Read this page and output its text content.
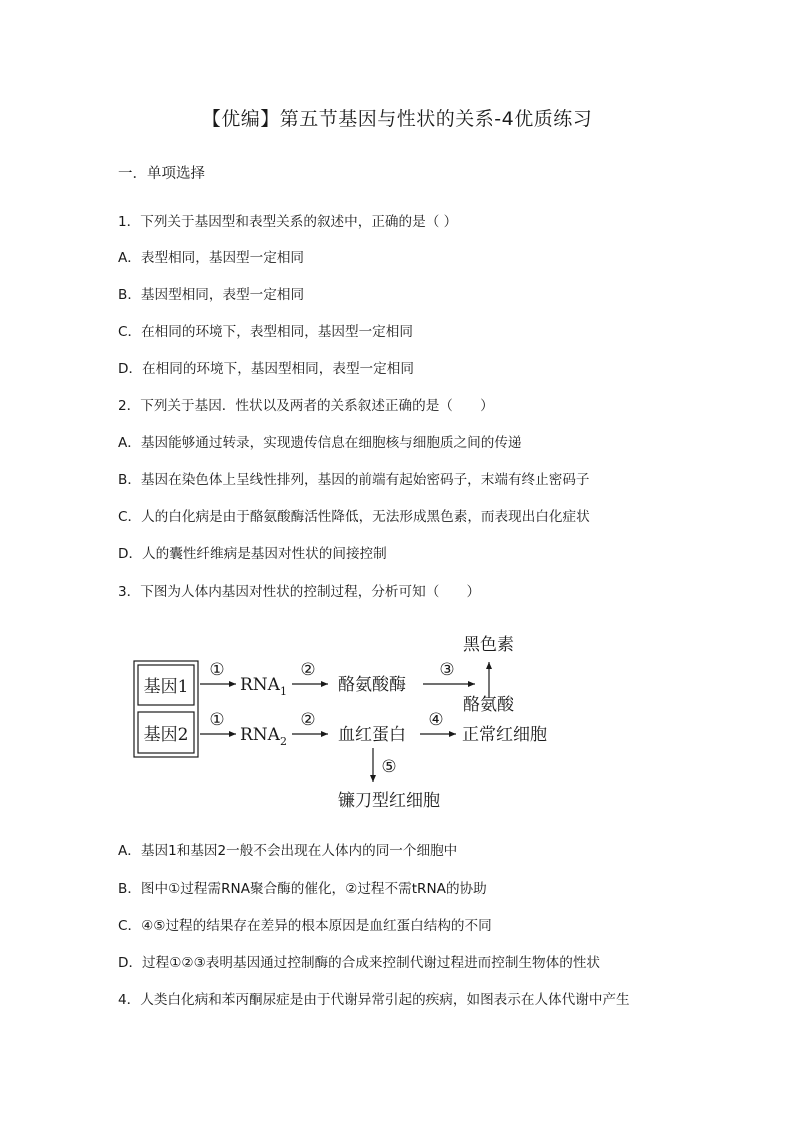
【优编】第五节基因与性状的关系-4优质练习
一．单项选择
1．下列关于基因型和表型关系的叙述中，正确的是（ ）
A．表型相同，基因型一定相同
B．基因型相同，表型一定相同
C．在相同的环境下，表型相同，基因型一定相同
D．在相同的环境下，基因型相同，表型一定相同
2．下列关于基因．性状以及两者的关系叙述正确的是（　　）
A．基因能够通过转录，实现遗传信息在细胞核与细胞质之间的传递
B．基因在染色体上呈线性排列，基因的前端有起始密码子，末端有终止密码子
C．人的白化病是由于酪氨酸酶活性降低，无法形成黑色素，而表现出白化症状
D．人的囊性纤维病是基因对性状的间接控制
3．下图为人体内基因对性状的控制过程，分析可知（　　）
基因1
基因2
①
$RNA_1$
②
酪氨酸酶
③
黑色素
酪氨酸
①
$RNA_2$
②
血红蛋白
④
正常红细胞
⑤
镰刀型红细胞
A．基因1和基因2一般不会出现在人体内的同一个细胞中
B．图中①过程需RNA聚合酶的催化，②过程不需tRNA的协助
C．④⑤过程的结果存在差异的根本原因是血红蛋白结构的不同
D．过程①②③表明基因通过控制酶的合成来控制代谢过程进而控制生物体的性状
4．人类白化病和苯丙酮尿症是由于代谢异常引起的疾病，如图表示在人体代谢中产生
